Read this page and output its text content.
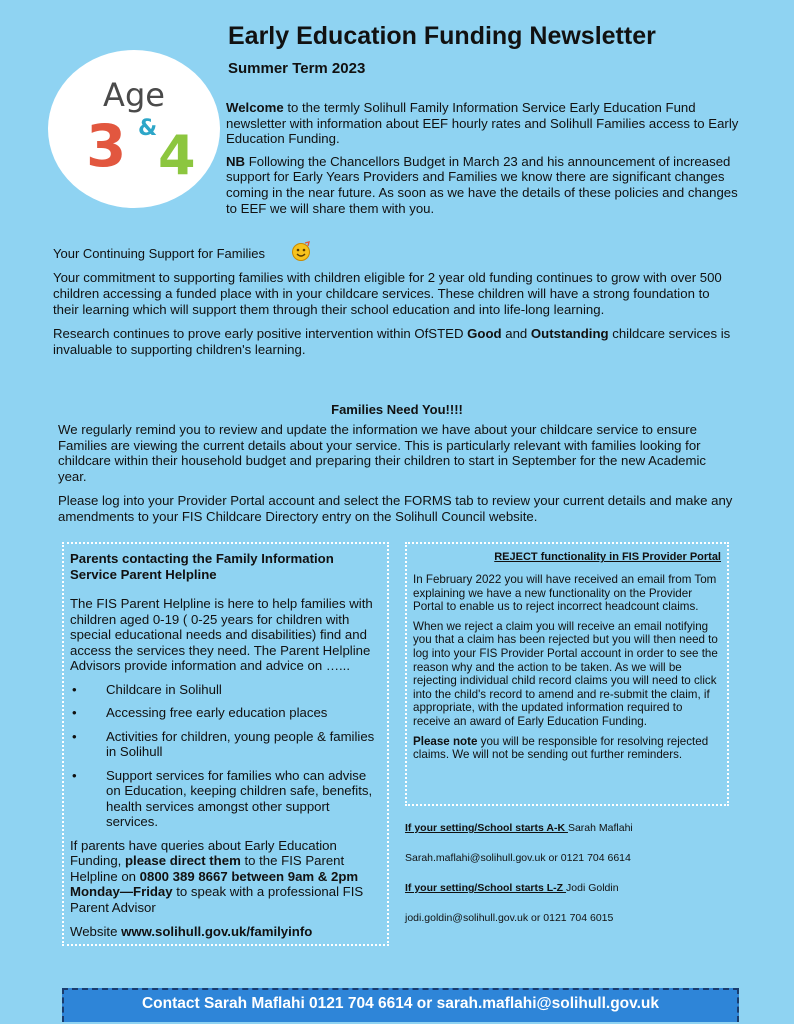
Early Education Funding Newsletter
Summer Term 2023
Age
3 & 4

Welcome to the termly Solihull Family Information Service Early Education Fund newsletter with information about EEF hourly rates and Solihull Families access to Early Education Funding.

NB Following the Chancellors Budget in March 23 and his announcement of increased support for Early Years Providers and Families we know there are significant changes coming in the near future. As soon as we have the details of these policies and changes to EEF we will share them with you.

Your Continuing Support for Families

Your commitment to supporting families with children eligible for 2 year old funding continues to grow with over 500 children accessing a funded place with in your childcare services. These children will have a strong foundation to their learning which will support them through their school education and into life-long learning.

Research continues to prove early positive intervention within OfSTED Good and Outstanding childcare services is invaluable to supporting children's learning.

Families Need You!!!!

We regularly remind you to review and update the information we have about your childcare service to ensure Families are viewing the current details about your service. This is particularly relevant with families looking for childcare within their household budget and preparing their children to start in September for the new Academic year.

Please log into your Provider Portal account and select the FORMS tab to review your current details and make any amendments to your FIS Childcare Directory entry on the Solihull Council website.

Parents contacting the Family Information Service Parent Helpline
The FIS Parent Helpline is here to help families with children aged 0-19 ( 0-25 years for children with special educational needs and disabilities) find and access the services they need. The Parent Helpline Advisors provide information and advice on …...
• Childcare in Solihull
• Accessing free early education places
• Activities for children, young people & families in Solihull
• Support services for families who can advise on Education, keeping children safe, benefits, health services amongst other support services.
If parents have queries about Early Education Funding, please direct them to the FIS Parent Helpline on 0800 389 8667 between 9am & 2pm Monday—Friday to speak with a professional FIS Parent Advisor
Website www.solihull.gov.uk/familyinfo
REJECT functionality in FIS Provider Portal

In February 2022 you will have received an email from Tom explaining we have a new functionality on the Provider Portal to enable us to reject incorrect headcount claims.

When we reject a claim you will receive an email notifying you that a claim has been rejected but you will then need to log into your FIS Provider Portal account in order to see the reason why and the action to be taken. As we will be rejecting individual child record claims you will need to click into the child's record to amend and re-submit the claim, if appropriate, with the updated information required to receive an award of Early Education Funding.

Please note you will be responsible for resolving rejected claims. We will not be sending out further reminders.

If your setting/School starts A-K Sarah Maflahi
Sarah.maflahi@solihull.gov.uk or 0121 704 6614
If your setting/School starts L-Z Jodi Goldin
jodi.goldin@solihull.gov.uk or 0121 704 6015
Contact Sarah Maflahi 0121 704 6614 or sarah.maflahi@solihull.gov.uk
